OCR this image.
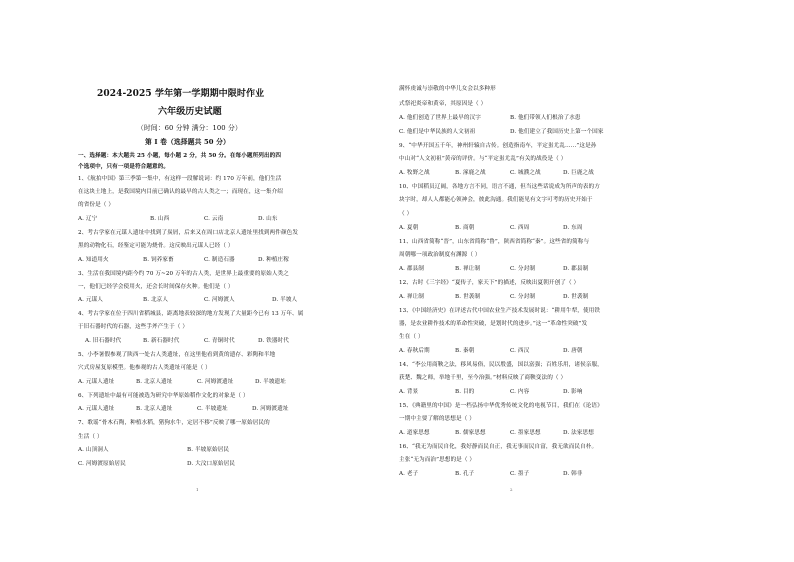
2024-2025 学年第一学期期中限时作业
六年级历史试题
（时间：60 分钟 满分：100 分）
第 I 卷（选择题共 50 分）
一、选择题：本大题共 25 小题，每小题 2 分，共 50 分。在每小题所列出的四
个选项中，只有一项是符合题意的。
1、《航拍中国》第三季第一集中，有这样一段解说词：约 170 万年前，他们生活
在这块土地上，是我国境内目前已确认的最早的古人类之一；而现在，这一集介绍
的省份是（ ）
A. 辽宁	B. 山西	C. 云南	D. 山东
2、考古学家在元谋人遗址中找到了炭屑，后来又在周口店北京人遗址里找到两件颜色发
黑的动物化石，经鉴定可能为烧骨。这反映出元谋人已经（ ）
A. 知道用火	B. 饲养家畜	C. 制造石器	D. 种植庄稼
3、生活在我国境内距今约 70 万~20 万年的古人类，是世界上最重要的原始人类之
一，他们已经学会使用火，还会长时间保存火种。他们是（ ）
A. 元谋人	B. 北京人	C. 河姆渡人	D. 半坡人
4、考古学家在位于四川省稻城县，距离地表较深的地方发现了大量距今已有 13 万年、属
于旧石器时代的石器，这些手斧产生于（ ）
A. 旧石器时代	B. 新石器时代	C. 青铜时代	D. 铁器时代
5、小李暑假参观了陕西一处古人类遗址，在这里他看到黄的遗存、彩陶和半地
穴式房屋复原模型。他参观的古人类遗址可能是（ ）
A. 元谋人遗址	B. 北京人遗址	C. 河姆渡遗址	D. 半坡遗址
6、下列遗址中最有可能被选为研究中华原始稻作文化的对象是（ ）
A. 元谋人遗址	B. 北京人遗址	C. 半坡遗址	D. 河姆渡遗址
7、歌谣“骨木石陶，种植水稻，猪狗水牛，定居不移”反映了哪一原始居民的
生活（ ）
A. 山顶洞人	B. 半坡原始居民
C. 河姆渡原始居民	D. 大汶口原始居民
1
满怀虔诚与崇敬的中华儿女会以多种形
式祭祀炎帝和黄帝，其原因是（ ）
A. 他们创造了世界上最早的汉字	B. 他们带领人们根治了水患
C. 他们是中华民族的人文初祖	D. 他们建立了我国历史上第一个国家
9、“中华开国五千年，神州轩辕自古传。创造指南车，平定蚩尤乱……”这是孙
中山对“人文初祖”黄帝的评价。与“平定蚩尤乱”有关的战役是（ ）
A. 牧野之战	B. 涿鹿之战	C. 城濮之战	D. 巨鹿之战
10、中国稻员辽阔，各地方言不同，语言不通，但当这些话说成为所声的表的方
块字时，却人人都能心领神会，彼此沟通。我们能见有文字可考的历史开始于
（ ）
A. 夏朝	B. 商朝	C. 西周	D. 东周
11、山西省简称“晋”，山东省简称“鲁”，陕西省简称“秦”。这些省的简称与
周朝哪一项政治制度有渊源（ ）
A. 郡县制	B. 禅让制	C. 分封制	D. 郡县制
12、古时《三字经》“夏传子，家天下”的描述，反映出夏朝开创了（ ）
A. 禅让制	B. 世袭制	C. 分封制	D. 世袭制
13、《中国经济史》在评述古代中国农业生产技术发展时说：“耕用牛犁，使用铁
器，是农业耕作技术的革命性突破，是划时代的进步。”这一“革命性突破”发
生在（ ）
A. 春秋后期	B. 秦朝	C. 西汉	D. 唐朝
14、“李公用商鞅之法，移风易俗，民以殷盛，国以富强；百姓乐用，诸侯亲服，
获楚、魏之师，举地千里，至今治强。”材料反映了商鞅变法的（ ）
A. 背景	B. 目的	C. 内容	D. 影响
15、《典籍里的中国》是一档弘扬中华优秀传统文化的电视节目，我们在《论语》
一期中主要了解的思想是（ ）
A. 道家思想	B. 儒家思想	C. 墨家思想	D. 法家思想
16、“我无为而民自化，我好静而民自正，我无事而民自富，我无欲而民自朴。
主张“无为而治”思想的是（ ）
A. 老子	B. 孔子	C. 墨子	D. 韩非
2
